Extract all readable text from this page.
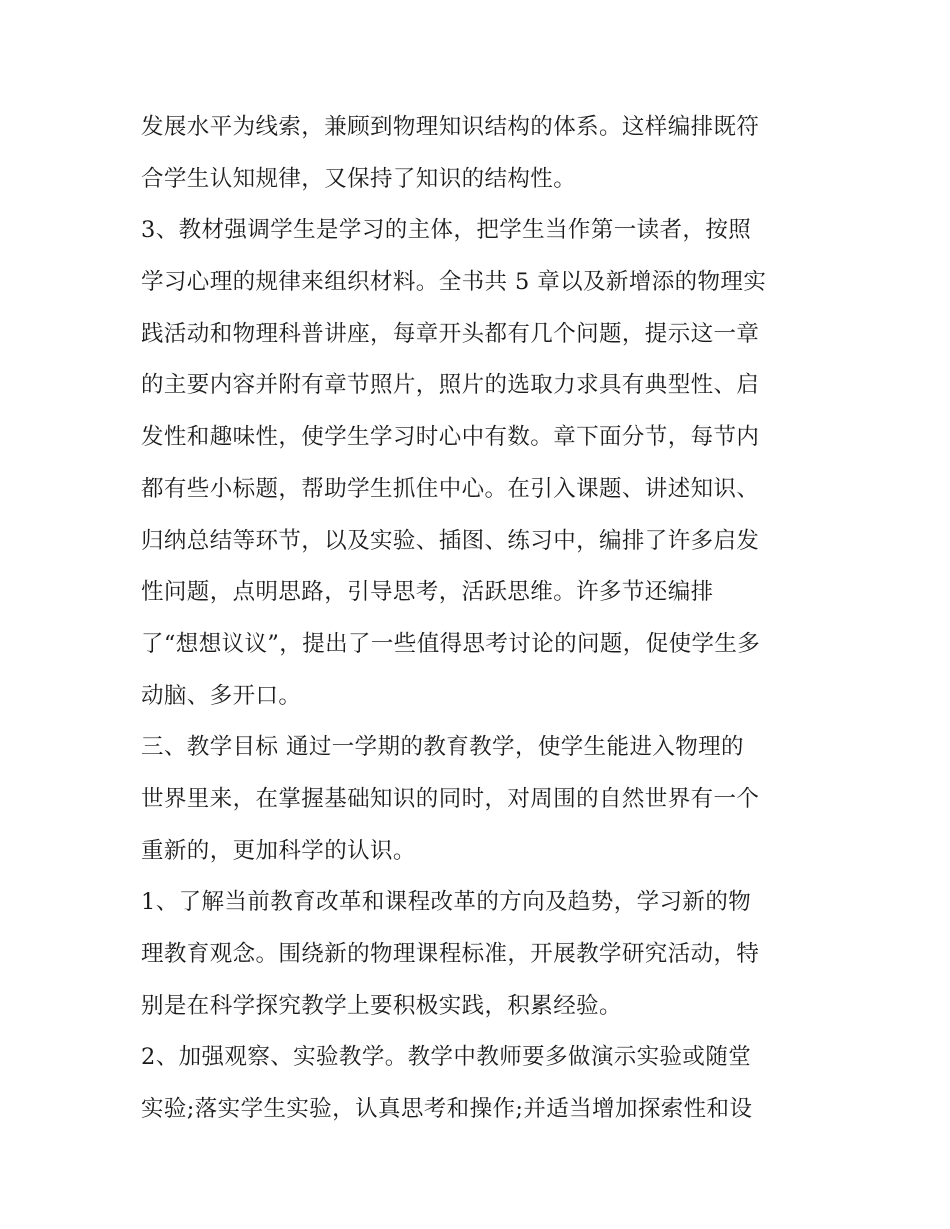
发展水平为线索，兼顾到物理知识结构的体系。这样编排既符
合学生认知规律，又保持了知识的结构性。
3、教材强调学生是学习的主体，把学生当作第一读者，按照
学习心理的规律来组织材料。全书共 5 章以及新增添的物理实
践活动和物理科普讲座，每章开头都有几个问题，提示这一章
的主要内容并附有章节照片，照片的选取力求具有典型性、启
发性和趣味性，使学生学习时心中有数。章下面分节，每节内
都有些小标题，帮助学生抓住中心。在引入课题、讲述知识、
归纳总结等环节，以及实验、插图、练习中，编排了许多启发
性问题，点明思路，引导思考，活跃思维。许多节还编排
了“想想议议”，提出了一些值得思考讨论的问题，促使学生多
动脑、多开口。
三、教学目标 通过一学期的教育教学，使学生能进入物理的
世界里来，在掌握基础知识的同时，对周围的自然世界有一个
重新的，更加科学的认识。
1、了解当前教育改革和课程改革的方向及趋势，学习新的物
理教育观念。围绕新的物理课程标准，开展教学研究活动，特
别是在科学探究教学上要积极实践，积累经验。
2、加强观察、实验教学。教学中教师要多做演示实验或随堂
实验;落实学生实验，认真思考和操作;并适当增加探索性和设
